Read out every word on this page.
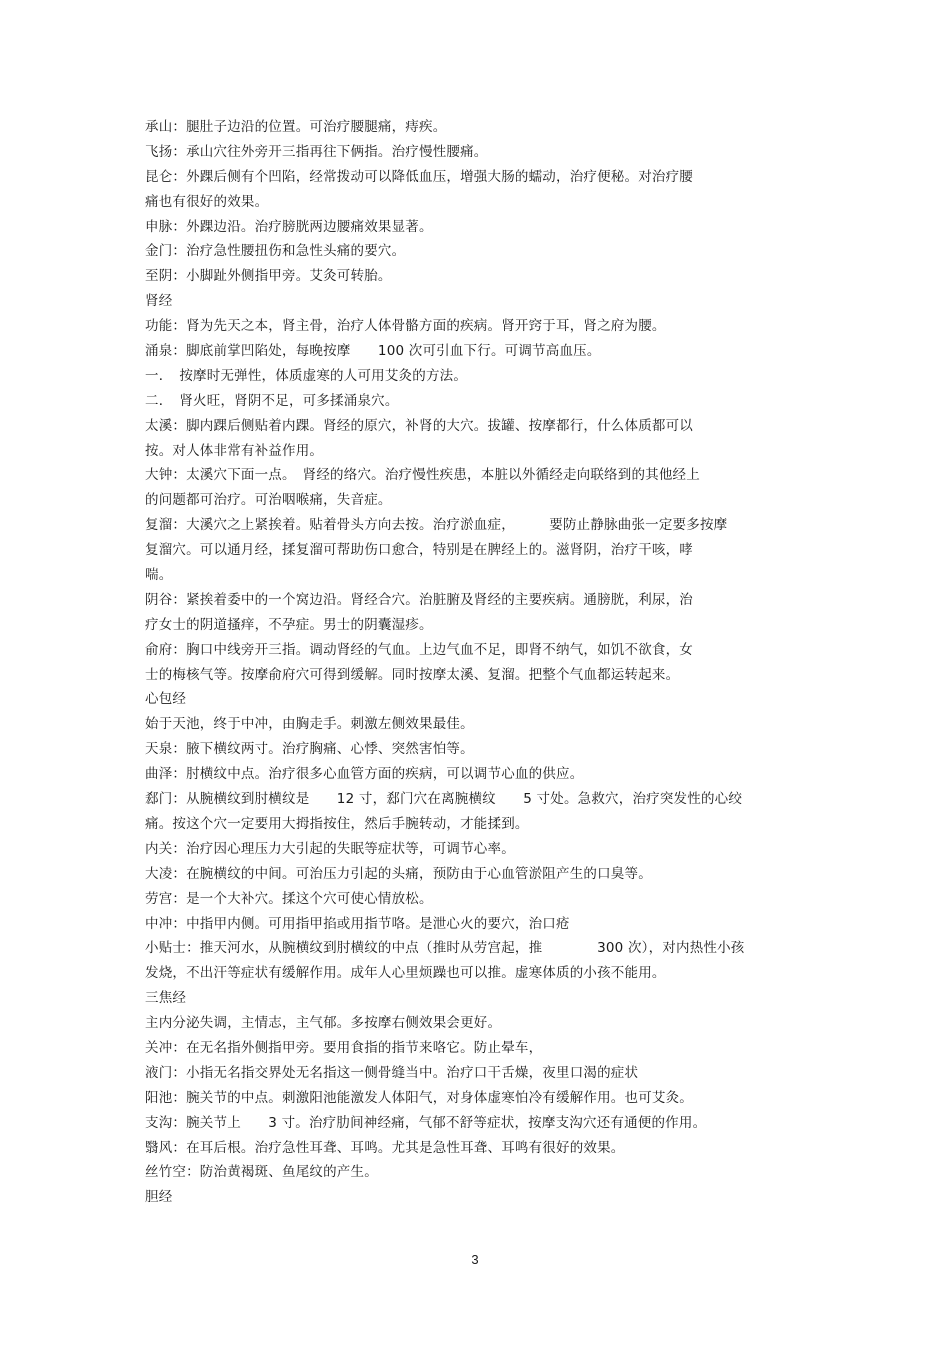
承山：腿肚子边沿的位置。可治疗腰腿痛，痔疾。
飞扬：承山穴往外旁开三指再往下俩指。治疗慢性腰痛。
昆仑：外踝后侧有个凹陷，经常拨动可以降低血压，增强大肠的蠕动，治疗便秘。对治疗腰
痛也有很好的效果。
申脉：外踝边沿。治疗膀胱两边腰痛效果显著。
金门：治疗急性腰扭伤和急性头痛的要穴。
至阴：小脚趾外侧指甲旁。艾灸可转胎。
肾经
功能：肾为先天之本，肾主骨，治疗人体骨骼方面的疾病。肾开窍于耳，肾之府为腰。
涌泉：脚底前掌凹陷处，每晚按摩　　100 次可引血下行。可调节高血压。
一．　按摩时无弹性，体质虚寒的人可用艾灸的方法。
二．　肾火旺，肾阴不足，可多揉涌泉穴。
太溪：脚内踝后侧贴着内踝。肾经的原穴，补肾的大穴。拔罐、按摩都行，什么体质都可以
按。对人体非常有补益作用。
大钟：太溪穴下面一点。　肾经的络穴。治疗慢性疾患，本脏以外循经走向联络到的其他经上
的问题都可治疗。可治咽喉痛，失音症。
复溜：大溪穴之上紧挨着。贴着骨头方向去按。治疗淤血症，　　　要防止静脉曲张一定要多按摩
复溜穴。可以通月经，揉复溜可帮助伤口愈合，特别是在脾经上的。滋肾阴，治疗干咳，哮
喘。
阴谷：紧挨着委中的一个窝边沿。肾经合穴。治脏腑及肾经的主要疾病。通膀胱，利尿，治
疗女士的阴道搔痒，不孕症。男士的阴囊湿疹。
俞府：胸口中线旁开三指。调动肾经的气血。上边气血不足，即肾不纳气，如饥不欲食，女
士的梅核气等。按摩俞府穴可得到缓解。同时按摩太溪、复溜。把整个气血都运转起来。
心包经
始于天池，终于中冲，由胸走手。刺激左侧效果最佳。
天泉：腋下横纹两寸。治疗胸痛、心悸、突然害怕等。
曲泽：肘横纹中点。治疗很多心血管方面的疾病，可以调节心血的供应。
郄门：从腕横纹到肘横纹是　　12 寸，郄门穴在离腕横纹　　5 寸处。急救穴，治疗突发性的心绞
痛。按这个穴一定要用大拇指按住，然后手腕转动，才能揉到。
内关：治疗因心理压力大引起的失眠等症状等，可调节心率。
大凌：在腕横纹的中间。可治压力引起的头痛，预防由于心血管淤阻产生的口臭等。
劳宫：是一个大补穴。揉这个穴可使心情放松。
中冲：中指甲内侧。可用指甲掐或用指节咯。是泄心火的要穴，治口疮
小贴士：推天河水，从腕横纹到肘横纹的中点（推时从劳宫起，推　　　　300 次），对内热性小孩
发烧，不出汗等症状有缓解作用。成年人心里烦躁也可以推。虚寒体质的小孩不能用。
三焦经
主内分泌失调，主情志，主气郁。多按摩右侧效果会更好。
关冲：在无名指外侧指甲旁。要用食指的指节来咯它。防止晕车，
液门：小指无名指交界处无名指这一侧骨缝当中。治疗口干舌燥，夜里口渴的症状
阳池：腕关节的中点。刺激阳池能激发人体阳气，对身体虚寒怕冷有缓解作用。也可艾灸。
支沟：腕关节上　　3 寸。治疗肋间神经痛，气郁不舒等症状，按摩支沟穴还有通便的作用。
翳风：在耳后根。治疗急性耳聋、耳鸣。尤其是急性耳聋、耳鸣有很好的效果。
丝竹空：防治黄褐斑、鱼尾纹的产生。
胆经
3
